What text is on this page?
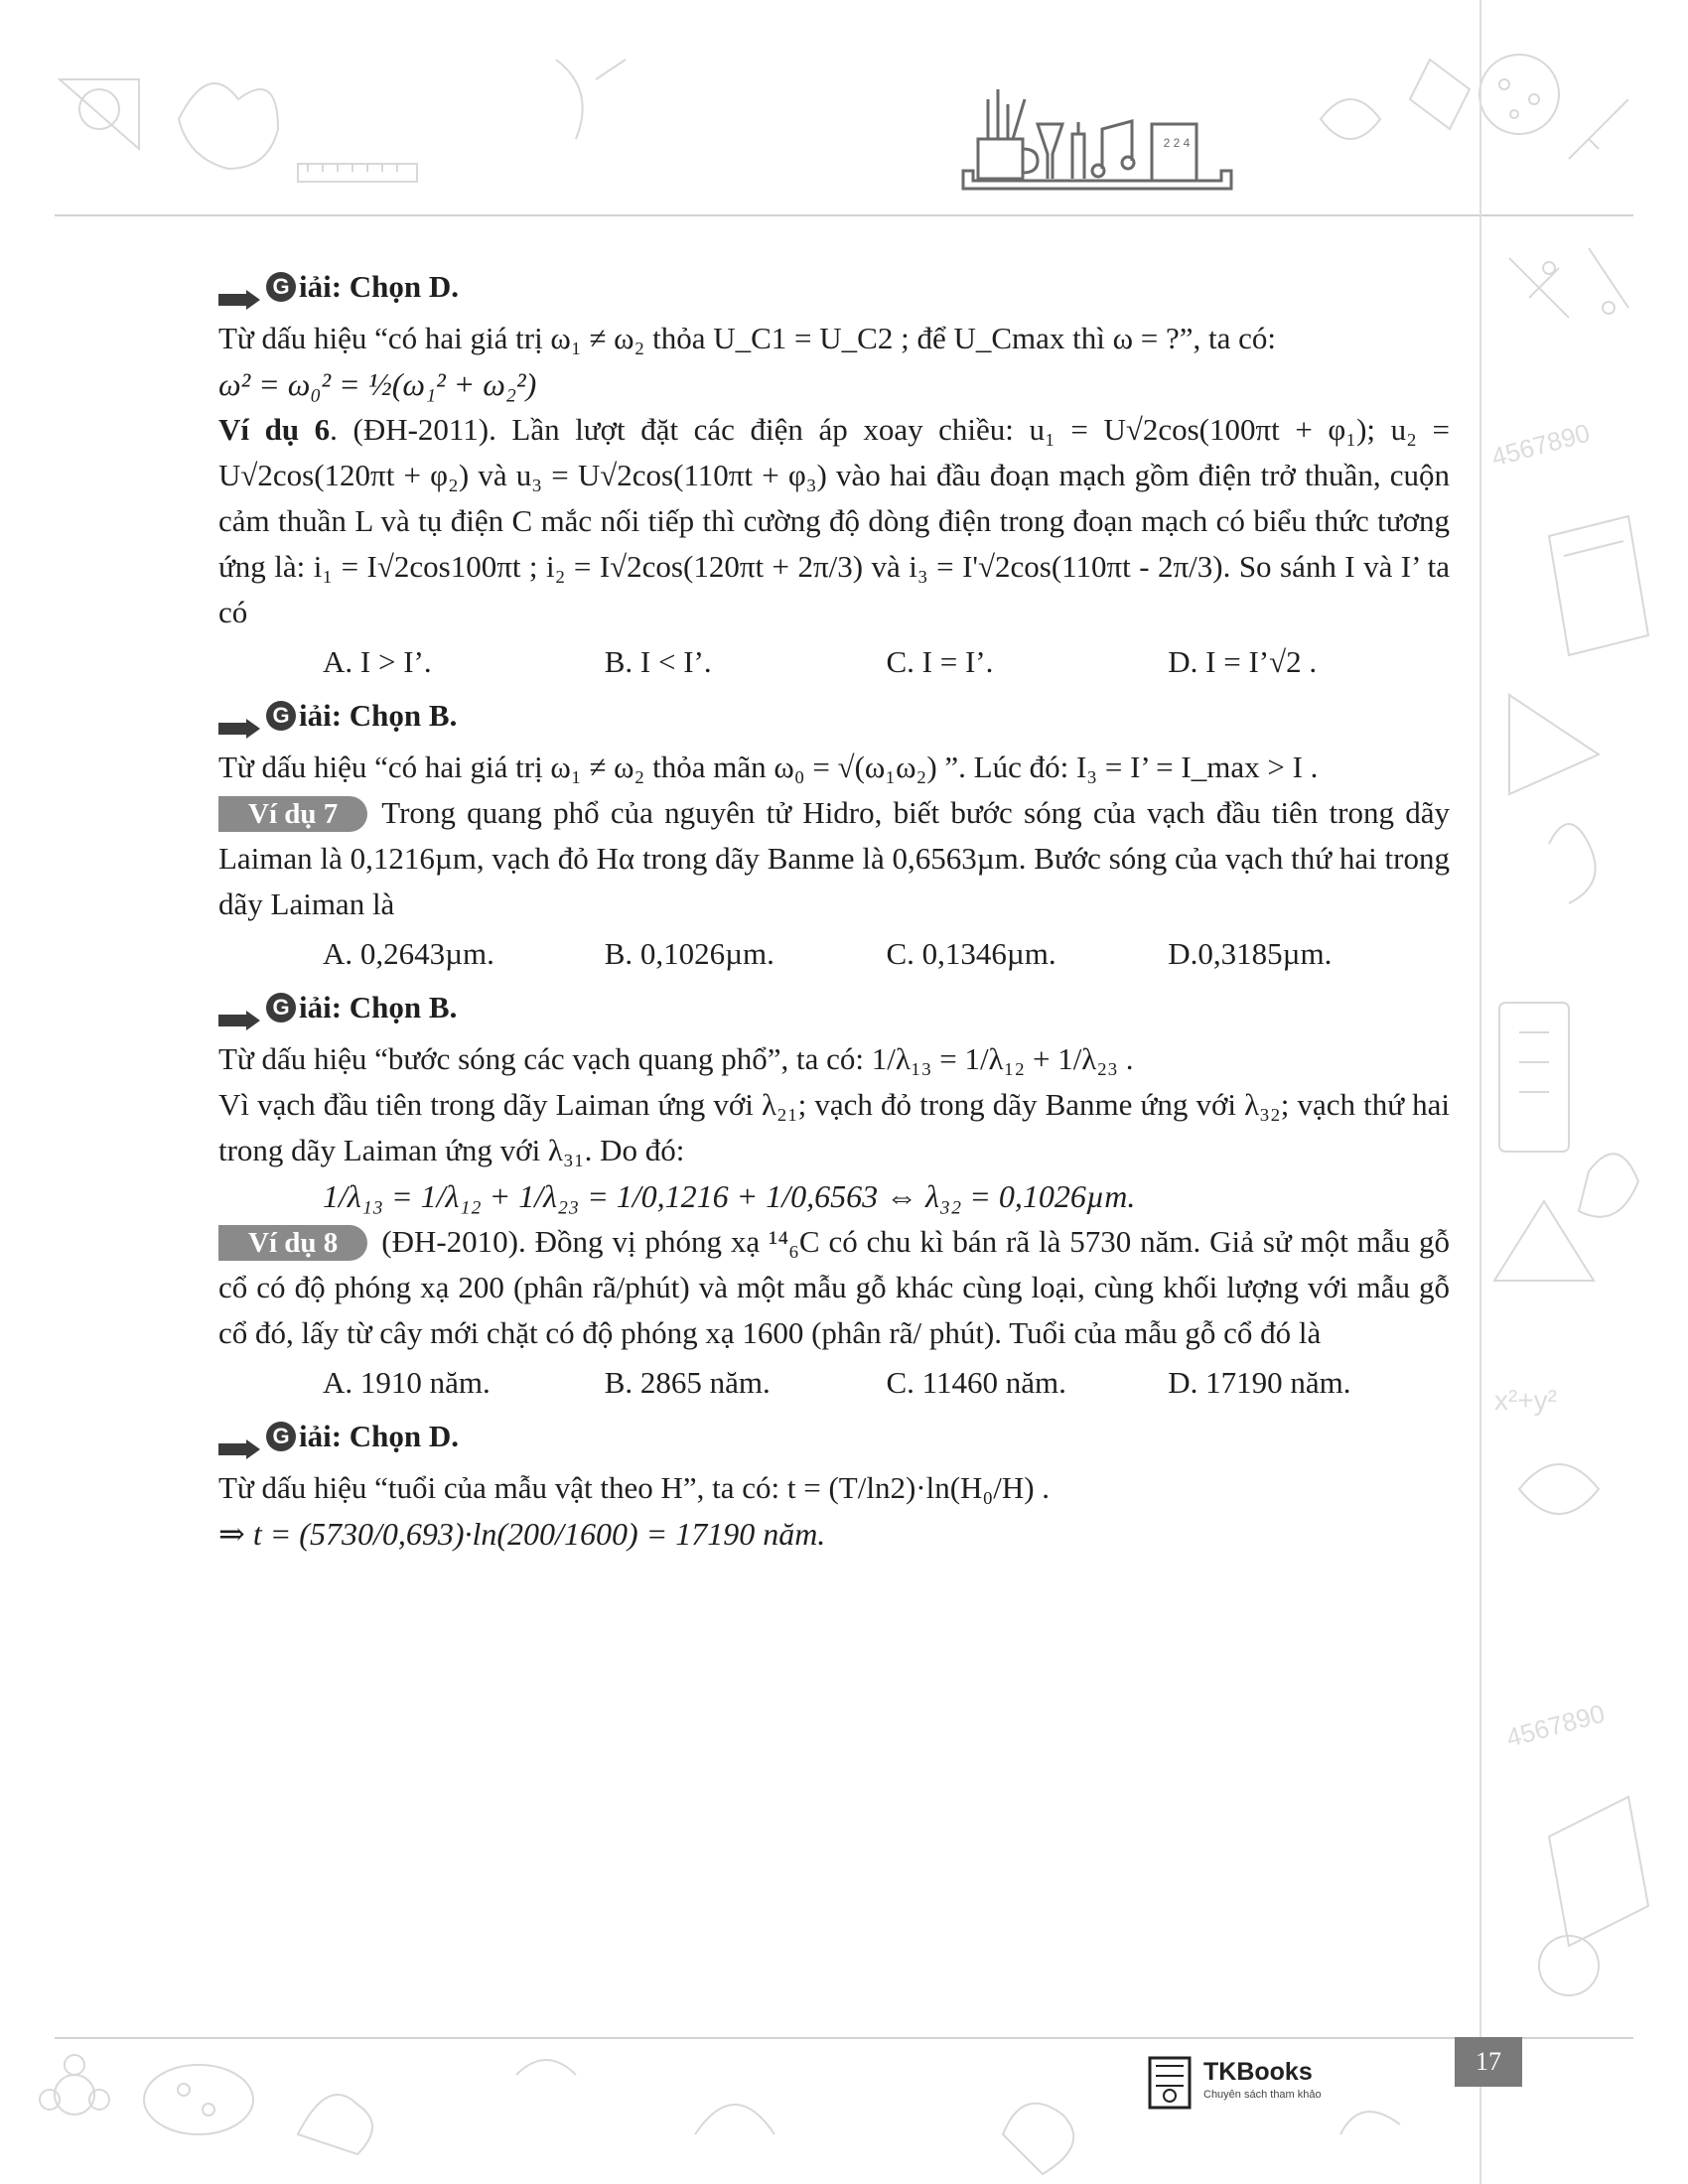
4567890
x²+y²
4567890
2 2 4
G iải: Chọn D.

Từ dấu hiệu “có hai giá trị ω₁ ≠ ω₂ thỏa U_C1 = U_C2 ; để U_Cmax thì ω = ?”, ta có:

ω² = ω₀² = ½(ω₁² + ω₂²)

Ví dụ 6. (ĐH-2011). Lần lượt đặt các điện áp xoay chiều: u₁ = U√2cos(100πt + φ₁); u₂ = U√2cos(120πt + φ₂) và u₃ = U√2cos(110πt + φ₃) vào hai đầu đoạn mạch gồm điện trở thuần, cuộn cảm thuần L và tụ điện C mắc nối tiếp thì cường độ dòng điện trong đoạn mạch có biểu thức tương ứng là: i₁ = I√2cos100πt ; i₂ = I√2cos(120πt + 2π/3) và i₃ = I'√2cos(110πt - 2π/3). So sánh I và I’ ta có

A. I > I’.	B. I < I’.	C. I = I’.	D. I = I’√2 .
G iải: Chọn B.

Từ dấu hiệu “có hai giá trị ω₁ ≠ ω₂ thỏa mãn ω₀ = √(ω₁ω₂) ”. Lúc đó: I₃ = I’ = I_max > I .

Ví dụ 7 Trong quang phổ của nguyên tử Hidro, biết bước sóng của vạch đầu tiên trong dãy Laiman là 0,1216µm, vạch đỏ Hα trong dãy Banme là 0,6563µm. Bước sóng của vạch thứ hai trong dãy Laiman là

A. 0,2643µm.	B. 0,1026µm.	C. 0,1346µm.	D.0,3185µm.
G iải: Chọn B.

Từ dấu hiệu “bước sóng các vạch quang phổ”, ta có: 1/λ₁₃ = 1/λ₁₂ + 1/λ₂₃ .

Vì vạch đầu tiên trong dãy Laiman ứng với λ₂₁; vạch đỏ trong dãy Banme ứng với λ₃₂; vạch thứ hai trong dãy Laiman ứng với λ₃₁. Do đó:

1/λ₁₃ = 1/λ₁₂ + 1/λ₂₃ = 1/0,1216 + 1/0,6563 ⇔ λ₃₂ = 0,1026µm.

Ví dụ 8 (ĐH-2010). Đồng vị phóng xạ ¹⁴₆C có chu kì bán rã là 5730 năm. Giả sử một mẫu gỗ cổ có độ phóng xạ 200 (phân rã/phút) và một mẫu gỗ khác cùng loại, cùng khối lượng với mẫu gỗ cổ đó, lấy từ cây mới chặt có độ phóng xạ 1600 (phân rã/ phút). Tuổi của mẫu gỗ cổ đó là

A. 1910 năm.	B. 2865 năm.	C. 11460 năm.	D. 17190 năm.
G iải: Chọn D.

Từ dấu hiệu “tuổi của mẫu vật theo H”, ta có: t = (T/ln2)·ln(H₀/H) .

⇒ t = (5730/0,693)·ln(200/1600) = 17190 năm.

TKBooks
Chuyên sách tham khảo
17
